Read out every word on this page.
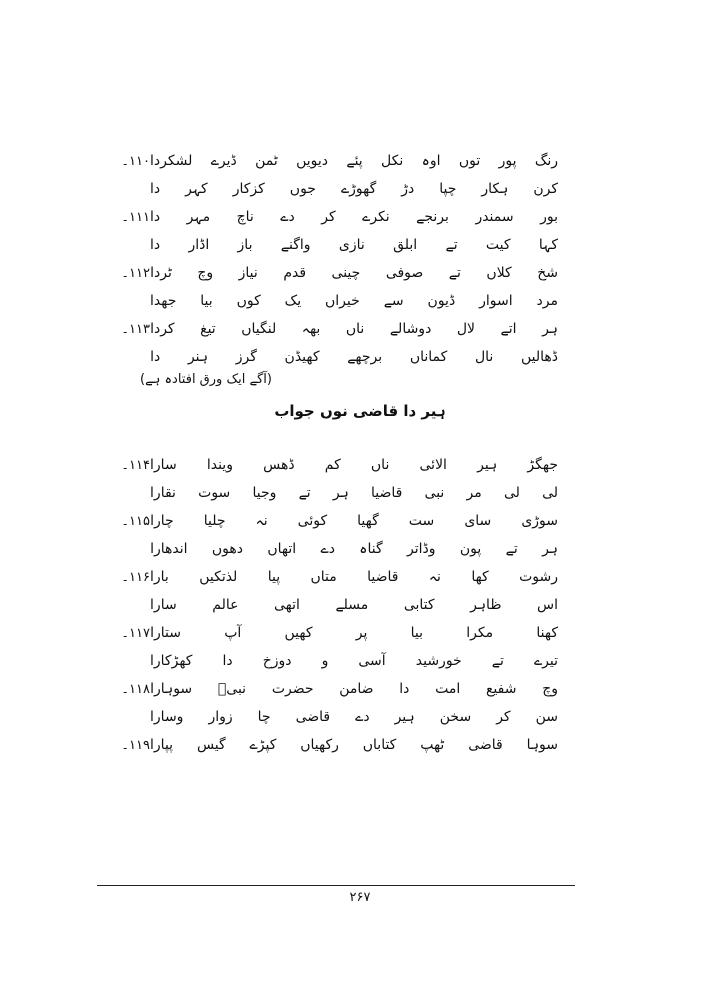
۱۱۰۔	رنگ
پور
توں
اوہ
نکل
پئے
دیویں
ٹمن
ڈیرے
لشکردا
کرن
ہکار
چپا
دڑ
گھوڑے
جوں
کزکار
کہر
دا
۱۱۱۔	بور
سمندر
برنجے
نکرے
کر
دے
ناچ
مہر
دا
کہا
کیت
تے
ابلق
نازی
واگنے
باز
اڈار
دا
۱۱۲۔	شخ
کلاں
تے
صوفی
چینی
قدم
نیاز
وچ
ٹردا
مرد
اسوار
ڈیون
سے
خیراں
یک
کوں
بیا
جھدا
۱۱۳۔	ہر
اتے
لال
دوشالے
ناں
بھہ
لنگیاں
تیغ
کردا
ڈھالیں
نال
کماناں
برچھے
کھیڈن
گرز
ہنر
دا
(آگے ایک ورق افتادہ ہے)
ہیر دا قاضی نوں جواب
۱۱۴۔	جھگڑ
ہیر
الائی
ناں
کم
ڈھس
ویندا
سارا
لی
لی
مر
نبی
قاضیا
ہر
تے
وجیا
سوت
نقارا
۱۱۵۔	سوڑی
سای
ست
گھیا
کوئی
نہ
چلیا
چارا
ہر
تے
پون
وڈاتر
گناہ
دے
اتھاں
دھوں
اندھارا
۱۱۶۔	رشوت
کھا
نہ
قاضیا
متاں
پیا
لذتکیں
بارا
اس
ظاہر
کتابی
مسلے
اتھی
عالم
سارا
۱۱۷۔	کھنا
مکرا
بیا
پر
کھیں
آپ
ستارا
تیرے
تے
خورشید
آسی
و
دوزخ
دا
کھڑکارا
۱۱۸۔	وچ
شفیع
امت
دا
ضامن
حضرت
نبیؐ
سوہارا
سن
کر
سخن
ہیر
دے
قاضی
چا
زوار
وسارا
۱۱۹۔	سوہا
قاضی
ٹھپ
کتاباں
رکھیاں
کپڑے
گیس
پپارا
۲۶۷
